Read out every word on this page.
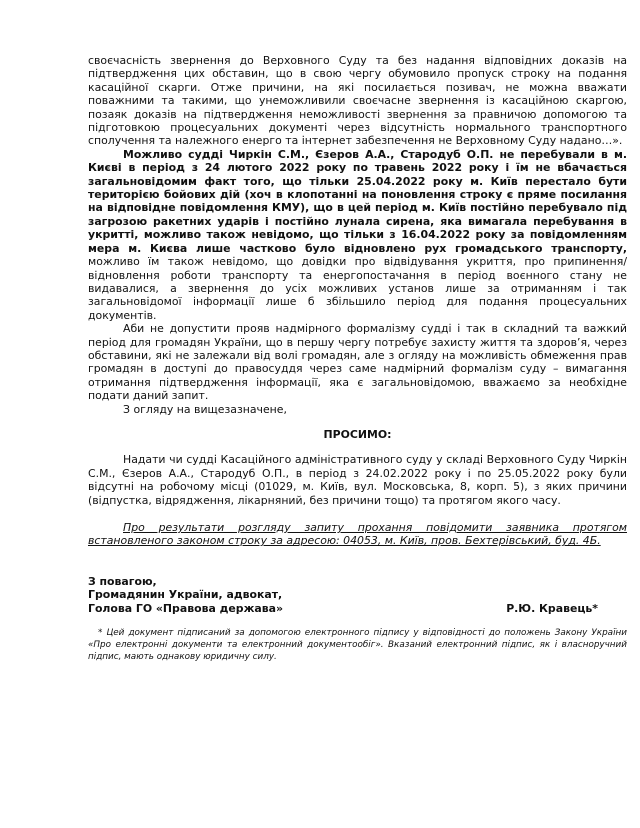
своєчасність звернення до Верховного Суду та без надання відповідних доказів на підтвердження цих обставин, що в свою чергу обумовило пропуск строку на подання касаційної скарги. Отже причини, на які посилається позивач, не можна вважати поважними та такими, що унеможливили своєчасне звернення із касаційною скаргою, позаяк доказів на підтвердження неможливості звернення за правничою допомогою та підготовкою процесуальних документі через відсутність нормального транспортного сполучення та належного енерго та інтернет забезпечення не Верховному Суду надано…».

Можливо судді Чиркін С.М., Єзеров А.А., Стародуб О.П. не перебували в м. Києві в період з 24 лютого 2022 року по травень 2022 року і їм не вбачається загальновідомим факт того, що тільки 25.04.2022 року м. Київ перестало бути територією бойових дій (хоч в клопотанні на поновлення строку є пряме посилання на відповідне повідомлення КМУ), що в цей період м. Київ постійно перебувало під загрозою ракетних ударів і постійно лунала сирена, яка вимагала перебування в укритті, можливо також невідомо, що тільки з 16.04.2022 року за повідомленням мера м. Києва лише частково було відновлено рух громадського транспорту, можливо їм також невідомо, що довідки про відвідування укриття, про припинення/відновлення роботи транспорту та енергопостачання в період воєнного стану не видавалися, а звернення до усіх можливих установ лише за отриманням і так загальновідомої інформації лише б збільшило період для подання процесуальних документів.

Аби не допустити прояв надмірного формалізму судді і так в складний та важкий період для громадян України, що в першу чергу потребує захисту життя та здоров’я, через обставини, які не залежали від волі громадян, але з огляду на можливість обмеження прав громадян в доступі до правосуддя через саме надмірний формалізм суду – вимагання отримання підтвердження інформації, яка є загальновідомою, вважаємо за необхідне подати даний запит.

З огляду на вищезазначене,

ПРОСИМО:

Надати чи судді Касаційного адміністративного суду у складі Верховного Суду Чиркін С.М., Єзеров А.А., Стародуб О.П., в період з 24.02.2022 року і по 25.05.2022 року були відсутні на робочому місці (01029, м. Київ, вул. Московська, 8, корп. 5), з яких причини (відпустка, відрядження, лікарняний, без причини тощо) та протягом якого часу.

Про результати розгляду запиту прохання повідомити заявника протягом встановленого законом строку за адресою: 04053, м. Київ, пров. Бехтерівський, буд. 4Б.

З повагою,
Громадянин України, адвокат,
Голова ГО «Правова держава»	Р.Ю. Кравець*

* Цей документ підписаний за допомогою електронного підпису у відповідності до положень Закону України «Про електронні документи та електронний документообіг». Вказаний електронний підпис, як і власноручний підпис, мають однакову юридичну силу.
